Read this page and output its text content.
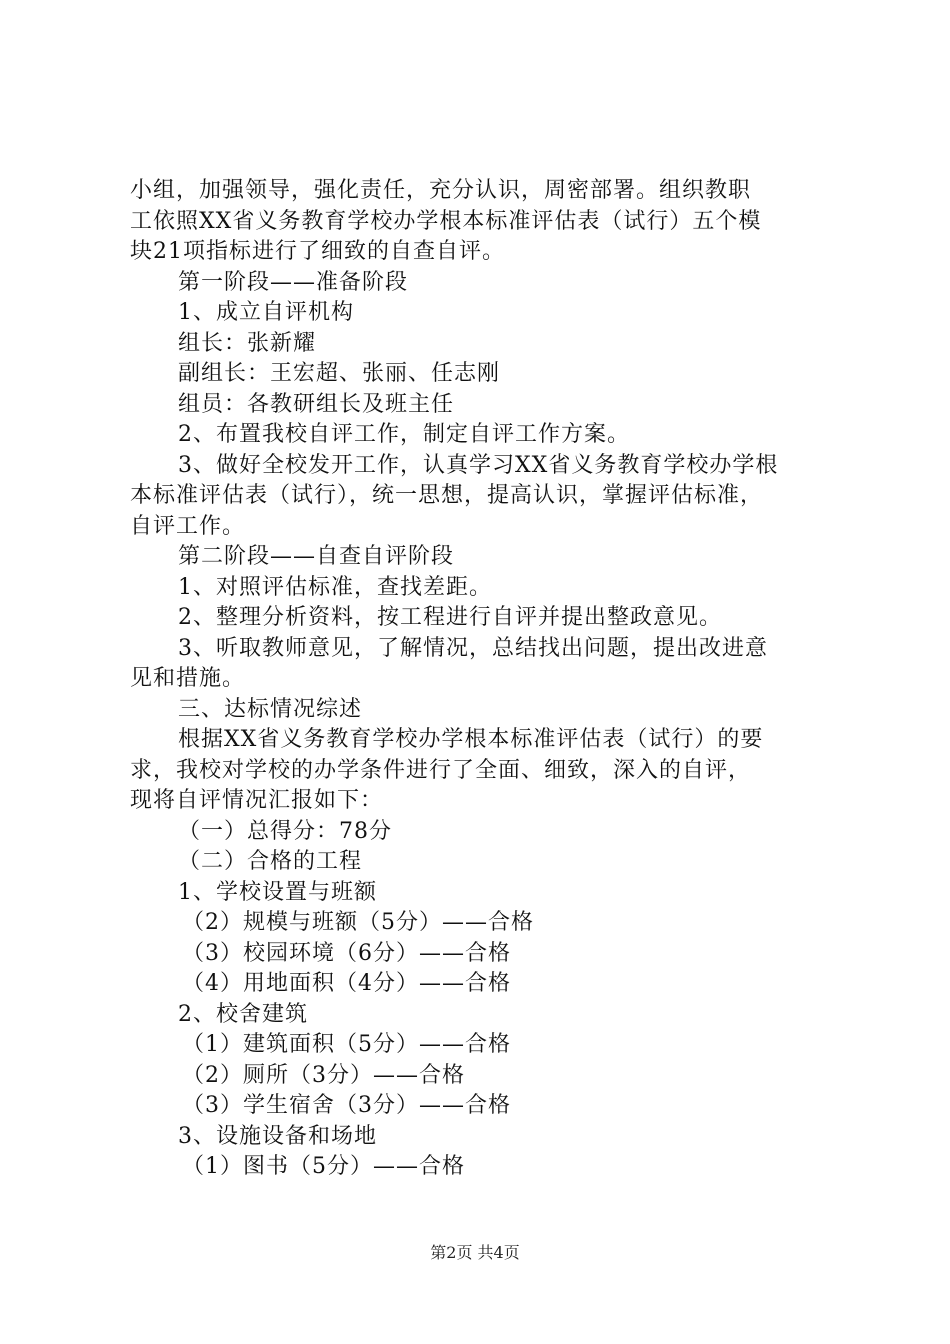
小组，加强领导，强化责任，充分认识，周密部署。组织教职
工依照XX省义务教育学校办学根本标准评估表（试行）五个模
块21项指标进行了细致的自查自评。
第一阶段——准备阶段
1、成立自评机构
组长：张新耀
副组长：王宏超、张丽、任志刚
组员：各教研组长及班主任
2、布置我校自评工作，制定自评工作方案。
3、做好全校发开工作，认真学习XX省义务教育学校办学根
本标准评估表（试行），统一思想，提高认识，掌握评估标准，
自评工作。
第二阶段——自查自评阶段
1、对照评估标准，查找差距。
2、整理分析资料，按工程进行自评并提出整政意见。
3、听取教师意见，了解情况，总结找出问题，提出改进意
见和措施。
三、达标情况综述
根据XX省义务教育学校办学根本标准评估表（试行）的要
求，我校对学校的办学条件进行了全面、细致，深入的自评，
现将自评情况汇报如下：
（一）总得分：78分
（二）合格的工程
1、学校设置与班额
（2）规模与班额（5分）——合格
（3）校园环境（6分）——合格
（4）用地面积（4分）——合格
2、校舍建筑
（1）建筑面积（5分）——合格
（2）厕所（3分）——合格
（3）学生宿舍（3分）——合格
3、设施设备和场地
（1）图书（5分）——合格
第2页 共4页
